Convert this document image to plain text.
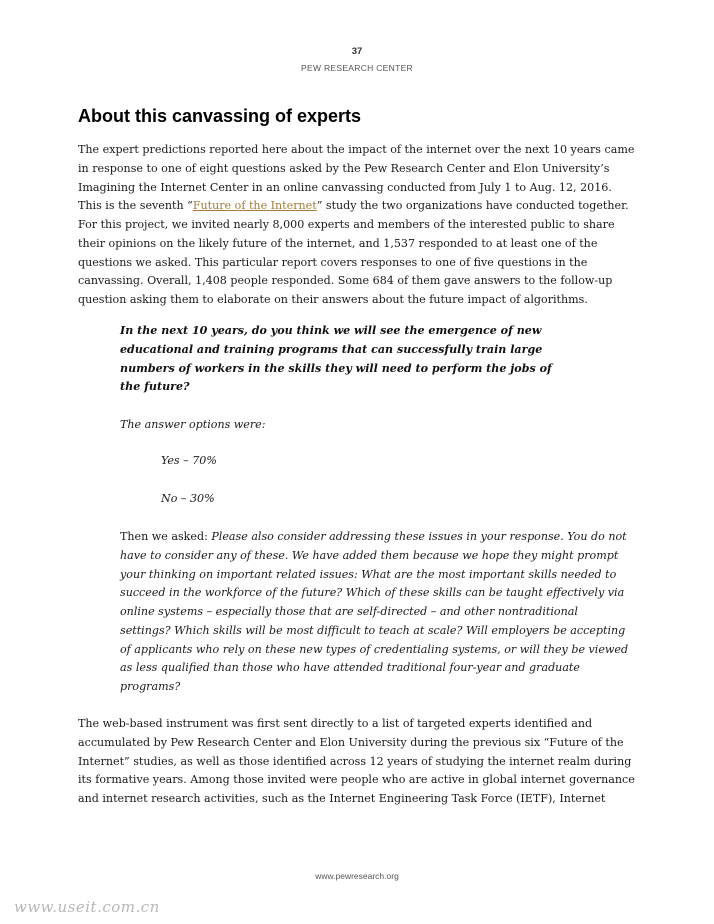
37
PEW RESEARCH CENTER
About this canvassing of experts
The expert predictions reported here about the impact of the internet over the next 10 years came
in response to one of eight questions asked by the Pew Research Center and Elon University’s
Imagining the Internet Center in an online canvassing conducted from July 1 to Aug. 12, 2016.
This is the seventh “Future of the Internet” study the two organizations have conducted together.
For this project, we invited nearly 8,000 experts and members of the interested public to share
their opinions on the likely future of the internet, and 1,537 responded to at least one of the
questions we asked. This particular report covers responses to one of five questions in the
canvassing. Overall, 1,408 people responded. Some 684 of them gave answers to the follow-up
question asking them to elaborate on their answers about the future impact of algorithms.
In the next 10 years, do you think we will see the emergence of new
educational and training programs that can successfully train large
numbers of workers in the skills they will need to perform the jobs of
the future?
The answer options were:
Yes – 70%
No – 30%
Then we asked: Please also consider addressing these issues in your response. You do not
have to consider any of these. We have added them because we hope they might prompt
your thinking on important related issues: What are the most important skills needed to
succeed in the workforce of the future? Which of these skills can be taught effectively via
online systems – especially those that are self-directed – and other nontraditional
settings? Which skills will be most difficult to teach at scale? Will employers be accepting
of applicants who rely on these new types of credentialing systems, or will they be viewed
as less qualified than those who have attended traditional four-year and graduate
programs?
The web-based instrument was first sent directly to a list of targeted experts identified and
accumulated by Pew Research Center and Elon University during the previous six “Future of the
Internet” studies, as well as those identified across 12 years of studying the internet realm during
its formative years. Among those invited were people who are active in global internet governance
and internet research activities, such as the Internet Engineering Task Force (IETF), Internet
www.pewresearch.org
www.useit.com.cn
